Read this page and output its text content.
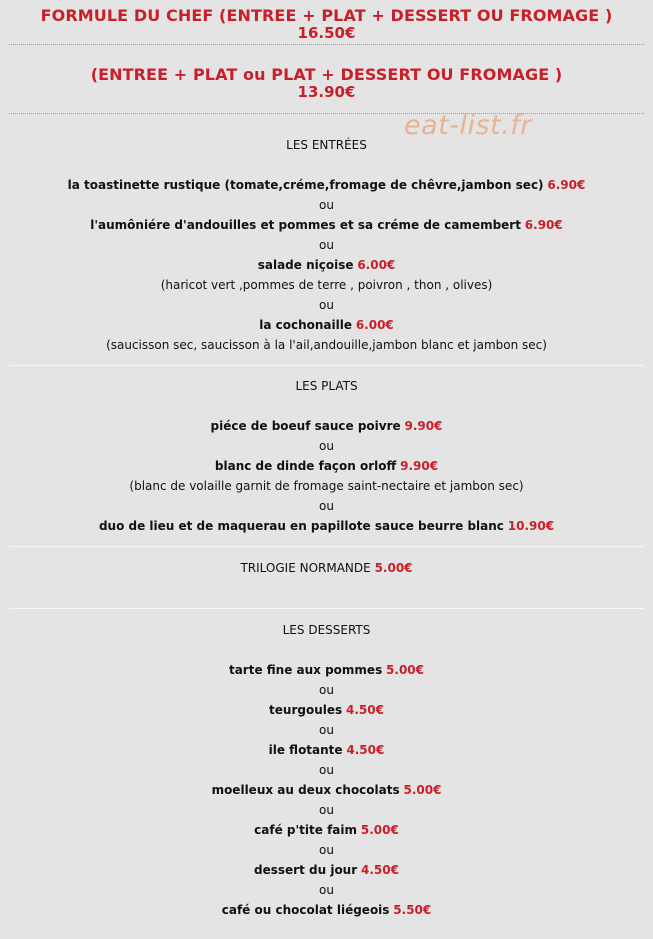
FORMULE DU CHEF (ENTREE + PLAT + DESSERT OU FROMAGE )
16.50€
(ENTREE + PLAT ou PLAT + DESSERT OU FROMAGE )
13.90€
eat-list.fr
LES ENTRÉES
la toastinette rustique (tomate,créme,fromage de chêvre,jambon sec) 6.90€
ou
l'aumôniére d'andouilles et pommes et sa créme de camembert 6.90€
ou
salade niçoise 6.00€
(haricot vert ,pommes de terre , poivron , thon , olives)
ou
la cochonaille 6.00€
(saucisson sec, saucisson à la l'ail,andouille,jambon blanc et jambon sec)
LES PLATS
piéce de boeuf sauce poivre 9.90€
ou
blanc de dinde façon orloff 9.90€
(blanc de volaille garnit de fromage saint-nectaire et jambon sec)
ou
duo de lieu et de maquerau en papillote sauce beurre blanc 10.90€
TRILOGIE NORMANDE 5.00€
LES DESSERTS
tarte fine aux pommes 5.00€
ou
teurgoules 4.50€
ou
ile flotante 4.50€
ou
moelleux au deux chocolats 5.00€
ou
café p'tite faim 5.00€
ou
dessert du jour 4.50€
ou
café ou chocolat liégeois 5.50€
